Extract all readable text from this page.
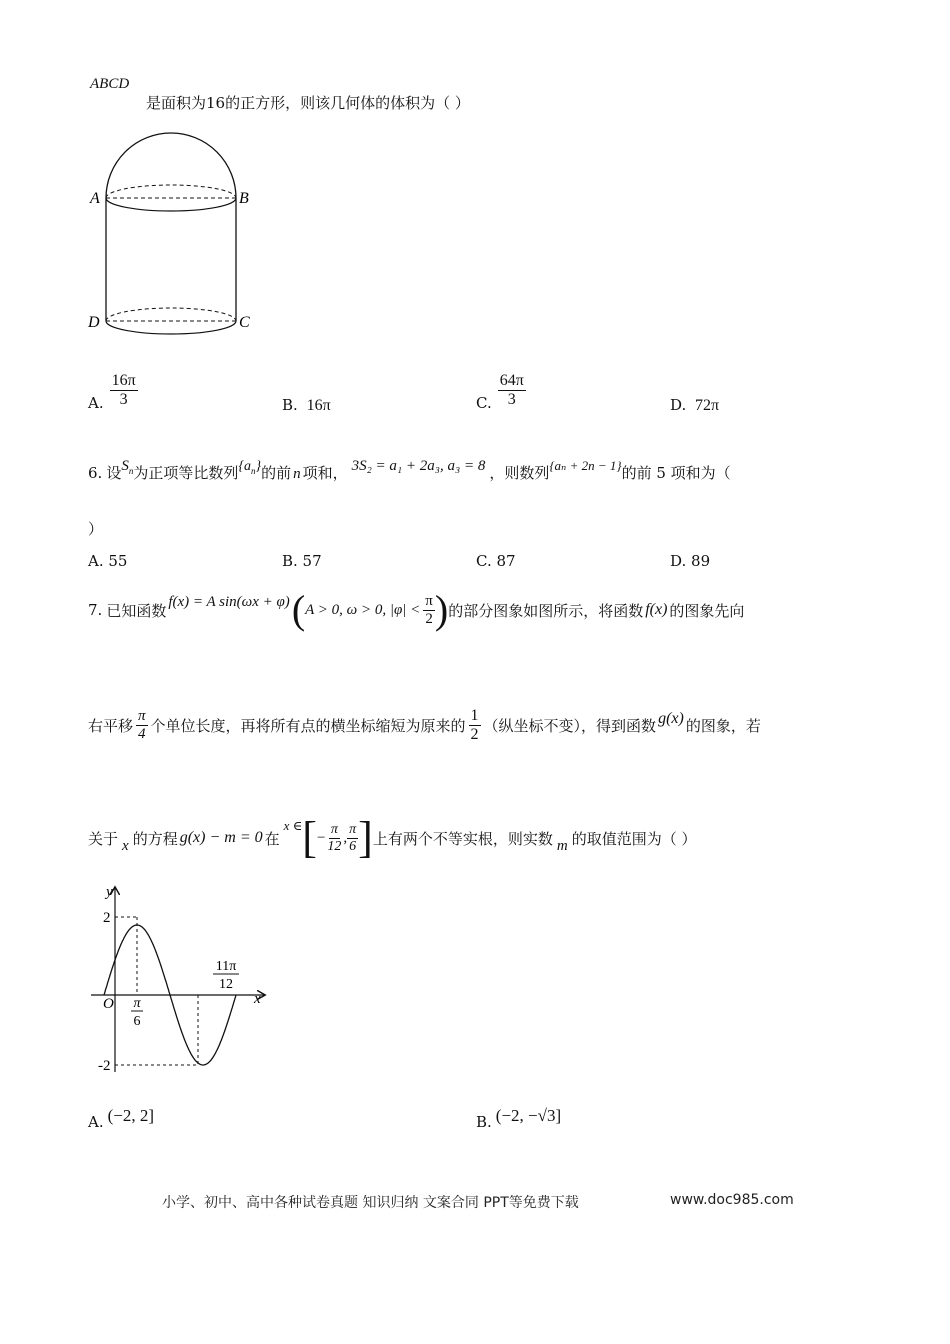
ABCD
是面积为16的正方形，则该几何体的体积为（ ）
A	B
D	C
A. $\frac{16\pi}{3}$	B. 16π	C. $\frac{64\pi}{3}$	D. 72π
6. 设 $S_n$ 为正项等比数列 $\{a_n\}$ 的前 n 项和， 3S₂ = a₁ + 2a₃, a₃ = 8 ，则数列 {aₙ + 2n − 1} 的前 5 项和为（
）
A. 55	B. 57	C. 87	D. 89
7. 已知函数 f(x) = A sin(ωx + φ) ( A > 0, ω > 0, $|\varphi| < \frac{\pi}{2}$ ) 的部分图象如图所示，将函数 f(x) 的图象先向
右平移 $\frac{\pi}{4}$ 个单位长度，再将所有点的横坐标缩短为原来的 $\frac{1}{2}$ （纵坐标不变），得到函数 g(x) 的图象，若
关于 x 的方程 g(x) − m = 0 在
x ∈ [ − $\frac{\pi}{12}$ , $\frac{\pi}{6}$ ] 上有两个不等实根，则实数 m 的取值范围为（ ）
y
x
O
2
-2
π
6
11π
12
A. (−2, 2]	B. (−2, −√3]
小学、初中、高中各种试卷真题 知识归纳 文案合同 PPT等免费下载	www.doc985.com
